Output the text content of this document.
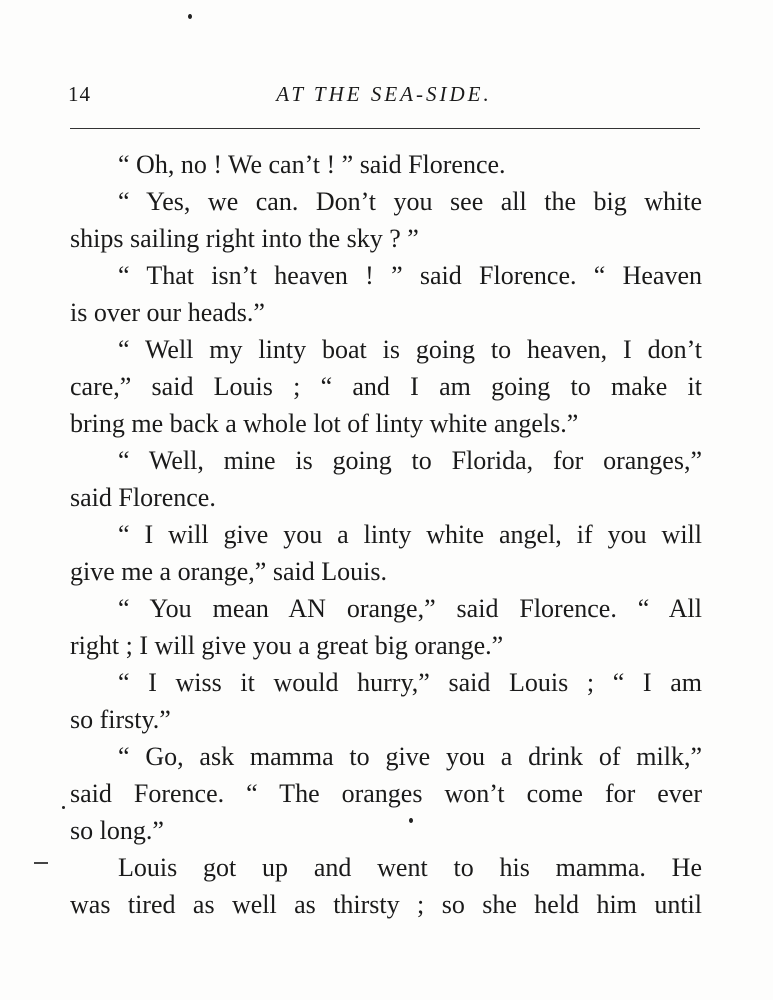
14	AT THE SEA-SIDE.
“ Oh, no ! We can’t ! ” said Florence.
“ Yes, we can. Don’t you see all the big white
ships sailing right into the sky ? ”
“ That isn’t heaven ! ” said Florence. “ Heaven
is over our heads.”
“ Well my linty boat is going to heaven, I don’t
care,” said Louis ; “ and I am going to make it
bring me back a whole lot of linty white angels.”
“ Well, mine is going to Florida, for oranges,”
said Florence.
“ I will give you a linty white angel, if you will
give me a orange,” said Louis.
“ You mean AN orange,” said Florence. “ All
right ; I will give you a great big orange.”
“ I wiss it would hurry,” said Louis ; “ I am
so firsty.”
“ Go, ask mamma to give you a drink of milk,”
said Forence. “ The oranges won’t come for ever
so long.”
Louis got up and went to his mamma. He
was tired as well as thirsty ; so she held him until
